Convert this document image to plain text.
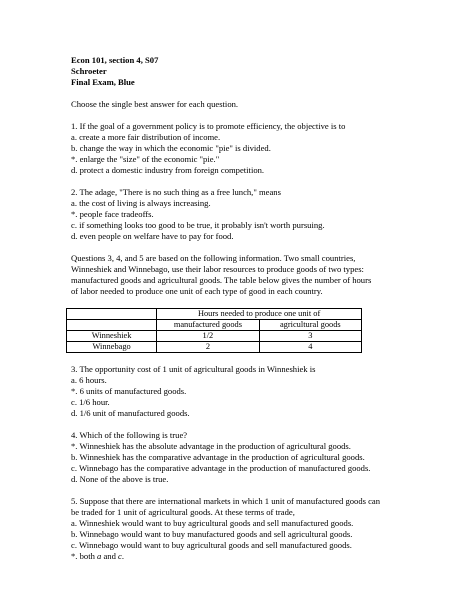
Econ 101, section 4, S07

Schroeter

Final Exam, Blue

Choose the single best answer for each question.

1. If the goal of a government policy is to promote efficiency, the objective is to

a. create a more fair distribution of income.

b. change the way in which the economic "pie" is divided.

*. enlarge the "size" of the economic "pie."

d. protect a domestic industry from foreign competition.

2. The adage, "There is no such thing as a free lunch," means

a. the cost of living is always increasing.

*. people face tradeoffs.

c. if something looks too good to be true, it probably isn't worth pursuing.

d. even people on welfare have to pay for food.

Questions 3, 4, and 5 are based on the following information. Two small countries,

Winneshiek and Winnebago, use their labor resources to produce goods of two types:

manufactured goods and agricultural goods. The table below gives the number of hours

of labor needed to produce one unit of each type of good in each country.

	Hours needed to produce one unit of	
	manufactured goods	agricultural goods
Winneshiek	1/2	3
Winnebago	2	4

3. The opportunity cost of 1 unit of agricultural goods in Winneshiek is

a. 6 hours.

*. 6 units of manufactured goods.

c. 1/6 hour.

d. 1/6 unit of manufactured goods.

4. Which of the following is true?

*. Winneshiek has the absolute advantage in the production of agricultural goods.

b. Winneshiek has the comparative advantage in the production of agricultural goods.

c. Winnebago has the comparative advantage in the production of manufactured goods.

d. None of the above is true.

5. Suppose that there are international markets in which 1 unit of manufactured goods can

be traded for 1 unit of agricultural goods. At these terms of trade,

a. Winneshiek would want to buy agricultural goods and sell manufactured goods.

b. Winnebago would want to buy manufactured goods and sell agricultural goods.

c. Winnebago would want to buy agricultural goods and sell manufactured goods.

*. both a and c.
